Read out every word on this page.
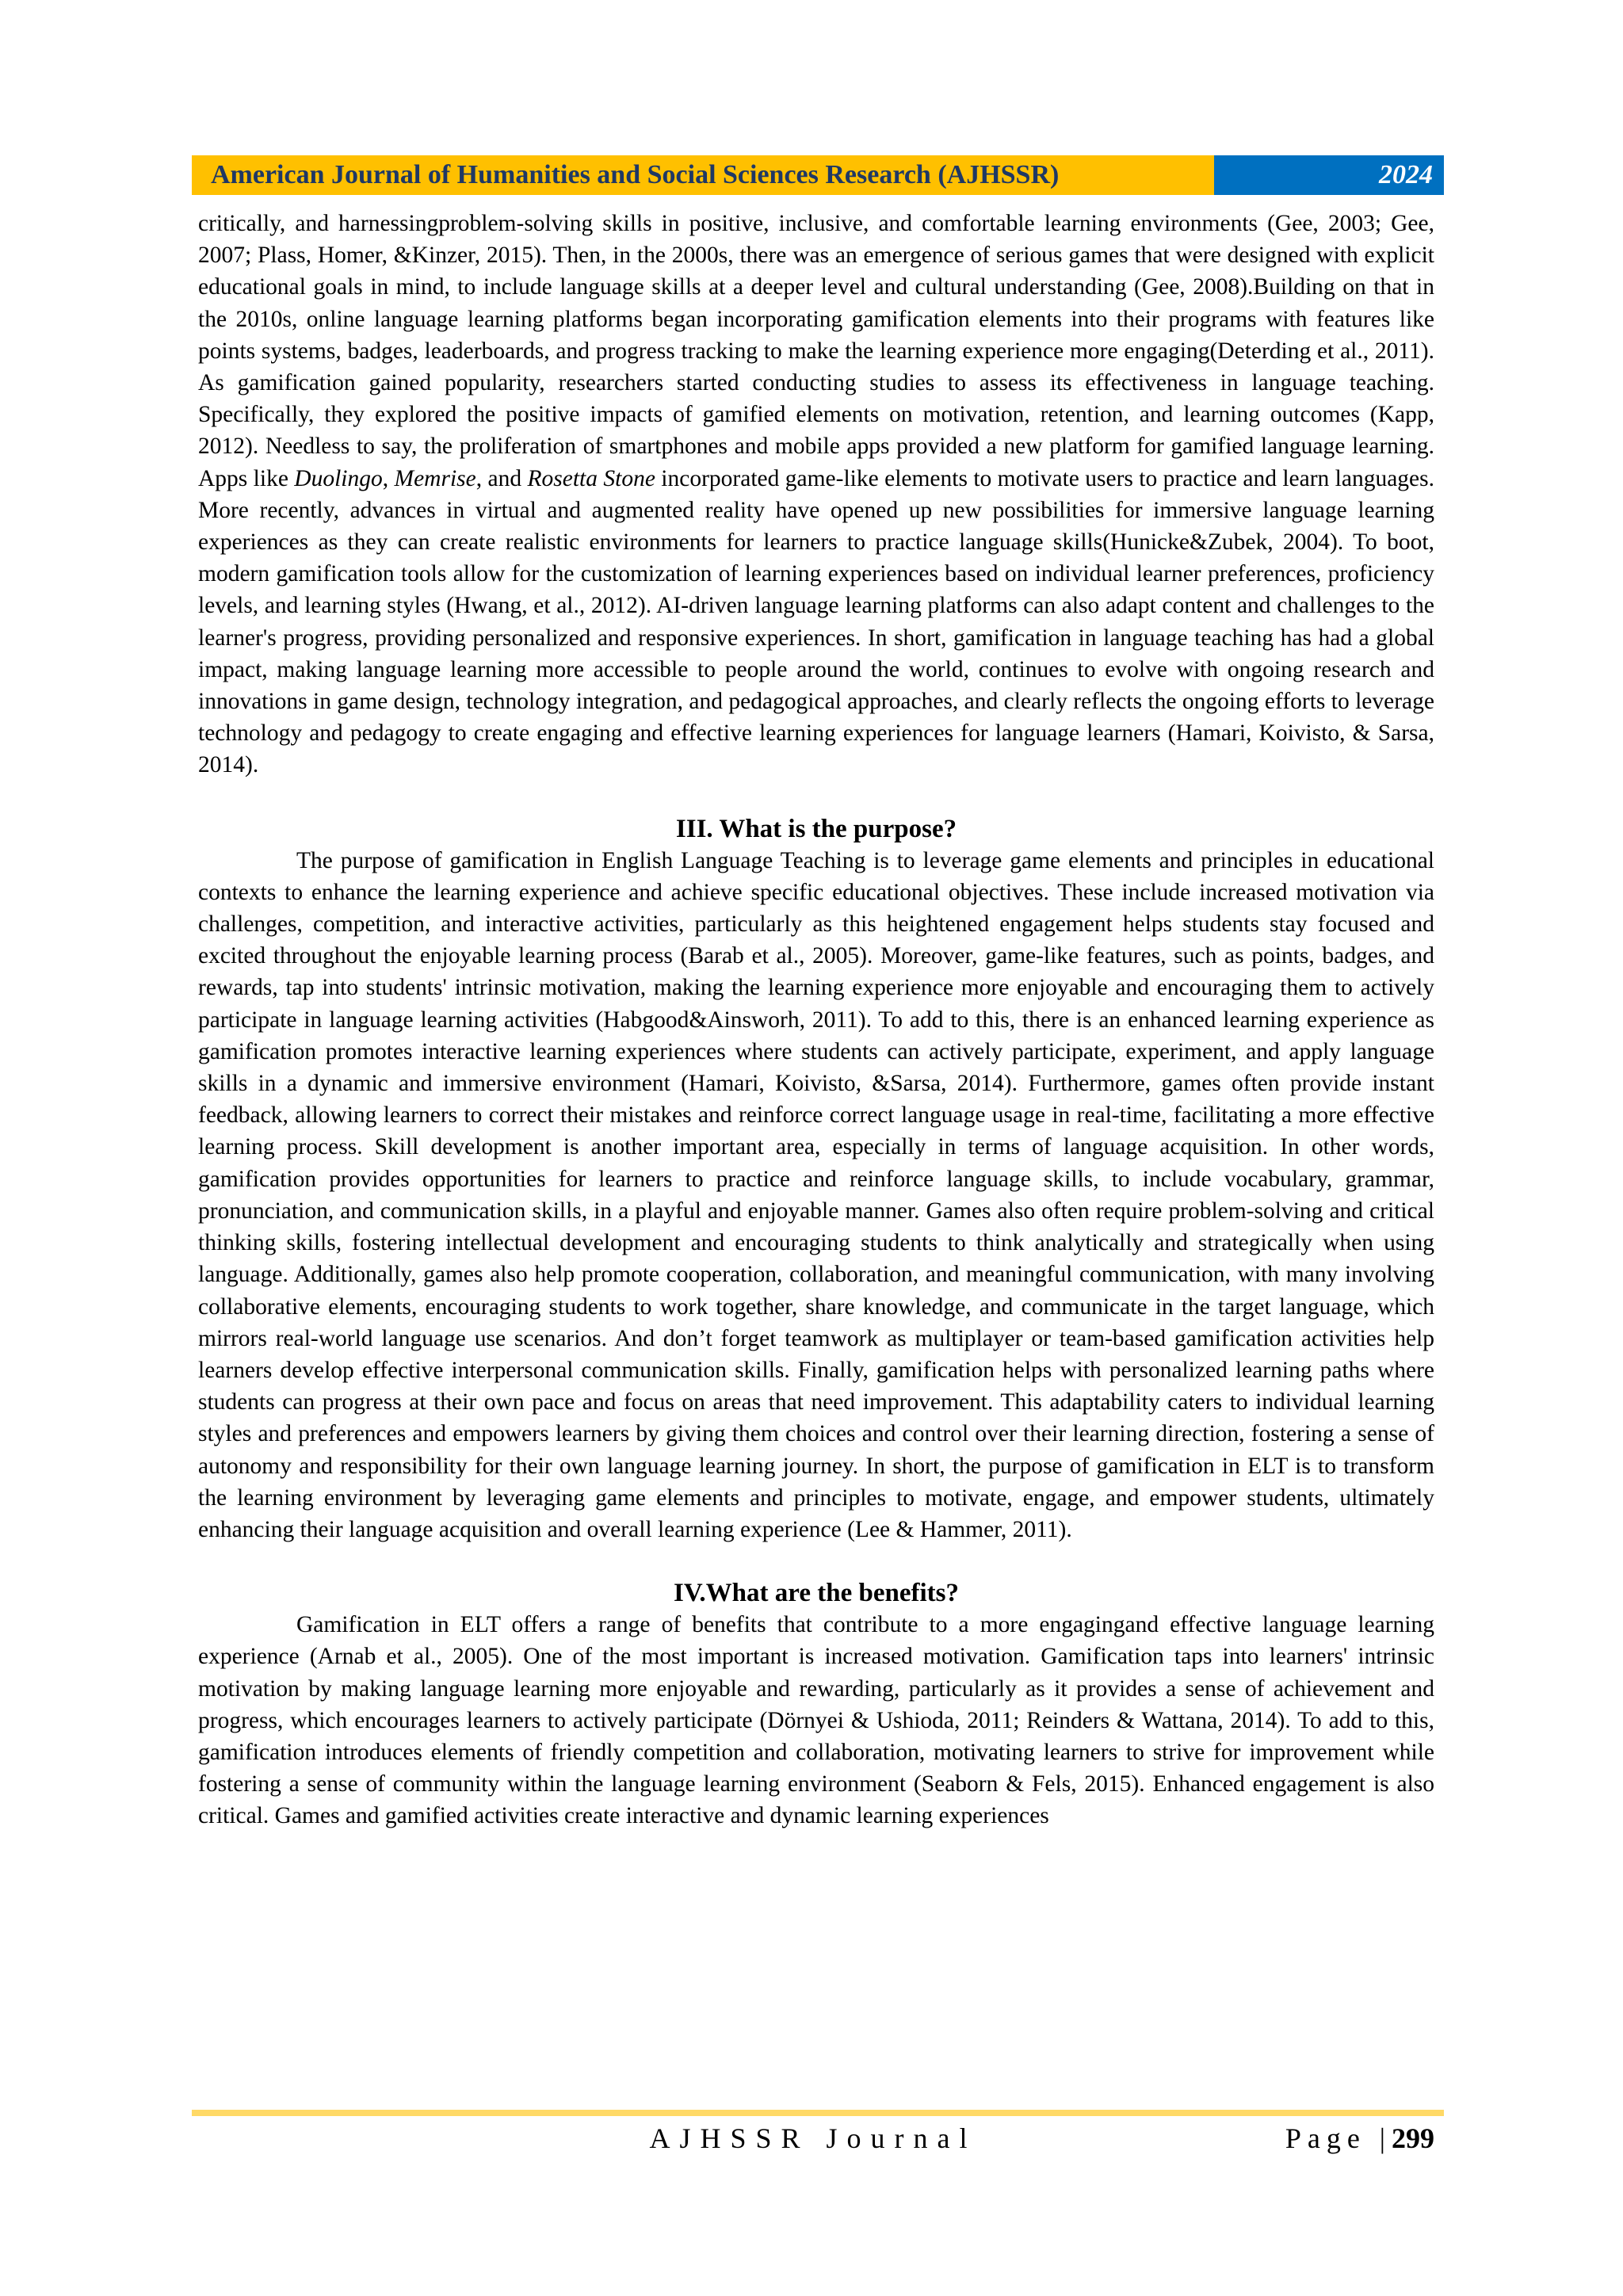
American Journal of Humanities and Social Sciences Research (AJHSSR)	2024

critically, and harnessingproblem-solving skills in positive, inclusive, and comfortable learning environments (Gee, 2003; Gee, 2007; Plass, Homer, &Kinzer, 2015). Then, in the 2000s, there was an emergence of serious games that were designed with explicit educational goals in mind, to include language skills at a deeper level and cultural understanding (Gee, 2008).Building on that in the 2010s, online language learning platforms began incorporating gamification elements into their programs with features like points systems, badges, leaderboards, and progress tracking to make the learning experience more engaging(Deterding et al., 2011). As gamification gained popularity, researchers started conducting studies to assess its effectiveness in language teaching. Specifically, they explored the positive impacts of gamified elements on motivation, retention, and learning outcomes (Kapp, 2012). Needless to say, the proliferation of smartphones and mobile apps provided a new platform for gamified language learning. Apps like Duolingo, Memrise, and Rosetta Stone incorporated game-like elements to motivate users to practice and learn languages. More recently, advances in virtual and augmented reality have opened up new possibilities for immersive language learning experiences as they can create realistic environments for learners to practice language skills(Hunicke&Zubek, 2004). To boot, modern gamification tools allow for the customization of learning experiences based on individual learner preferences, proficiency levels, and learning styles (Hwang, et al., 2012). AI-driven language learning platforms can also adapt content and challenges to the learner's progress, providing personalized and responsive experiences. In short, gamification in language teaching has had a global impact, making language learning more accessible to people around the world, continues to evolve with ongoing research and innovations in game design, technology integration, and pedagogical approaches, and clearly reflects the ongoing efforts to leverage technology and pedagogy to create engaging and effective learning experiences for language learners (Hamari, Koivisto, & Sarsa, 2014).

III. What is the purpose?

The purpose of gamification in English Language Teaching is to leverage game elements and principles in educational contexts to enhance the learning experience and achieve specific educational objectives. These include increased motivation via challenges, competition, and interactive activities, particularly as this heightened engagement helps students stay focused and excited throughout the enjoyable learning process (Barab et al., 2005). Moreover, game-like features, such as points, badges, and rewards, tap into students' intrinsic motivation, making the learning experience more enjoyable and encouraging them to actively participate in language learning activities (Habgood&Ainsworh, 2011). To add to this, there is an enhanced learning experience as gamification promotes interactive learning experiences where students can actively participate, experiment, and apply language skills in a dynamic and immersive environment (Hamari, Koivisto, &Sarsa, 2014). Furthermore, games often provide instant feedback, allowing learners to correct their mistakes and reinforce correct language usage in real-time, facilitating a more effective learning process. Skill development is another important area, especially in terms of language acquisition. In other words, gamification provides opportunities for learners to practice and reinforce language skills, to include vocabulary, grammar, pronunciation, and communication skills, in a playful and enjoyable manner. Games also often require problem-solving and critical thinking skills, fostering intellectual development and encouraging students to think analytically and strategically when using language. Additionally, games also help promote cooperation, collaboration, and meaningful communication, with many involving collaborative elements, encouraging students to work together, share knowledge, and communicate in the target language, which mirrors real-world language use scenarios. And don’t forget teamwork as multiplayer or team-based gamification activities help learners develop effective interpersonal communication skills. Finally, gamification helps with personalized learning paths where students can progress at their own pace and focus on areas that need improvement. This adaptability caters to individual learning styles and preferences and empowers learners by giving them choices and control over their learning direction, fostering a sense of autonomy and responsibility for their own language learning journey. In short, the purpose of gamification in ELT is to transform the learning environment by leveraging game elements and principles to motivate, engage, and empower students, ultimately enhancing their language acquisition and overall learning experience (Lee & Hammer, 2011).

IV.What are the benefits?

Gamification in ELT offers a range of benefits that contribute to a more engagingand effective language learning experience (Arnab et al., 2005). One of the most important is increased motivation. Gamification taps into learners' intrinsic motivation by making language learning more enjoyable and rewarding, particularly as it provides a sense of achievement and progress, which encourages learners to actively participate (Dörnyei & Ushioda, 2011; Reinders & Wattana, 2014). To add to this, gamification introduces elements of friendly competition and collaboration, motivating learners to strive for improvement while fostering a sense of community within the language learning environment (Seaborn & Fels, 2015). Enhanced engagement is also critical. Games and gamified activities create interactive and dynamic learning experiences

AJHSSR Journal	Page |299
